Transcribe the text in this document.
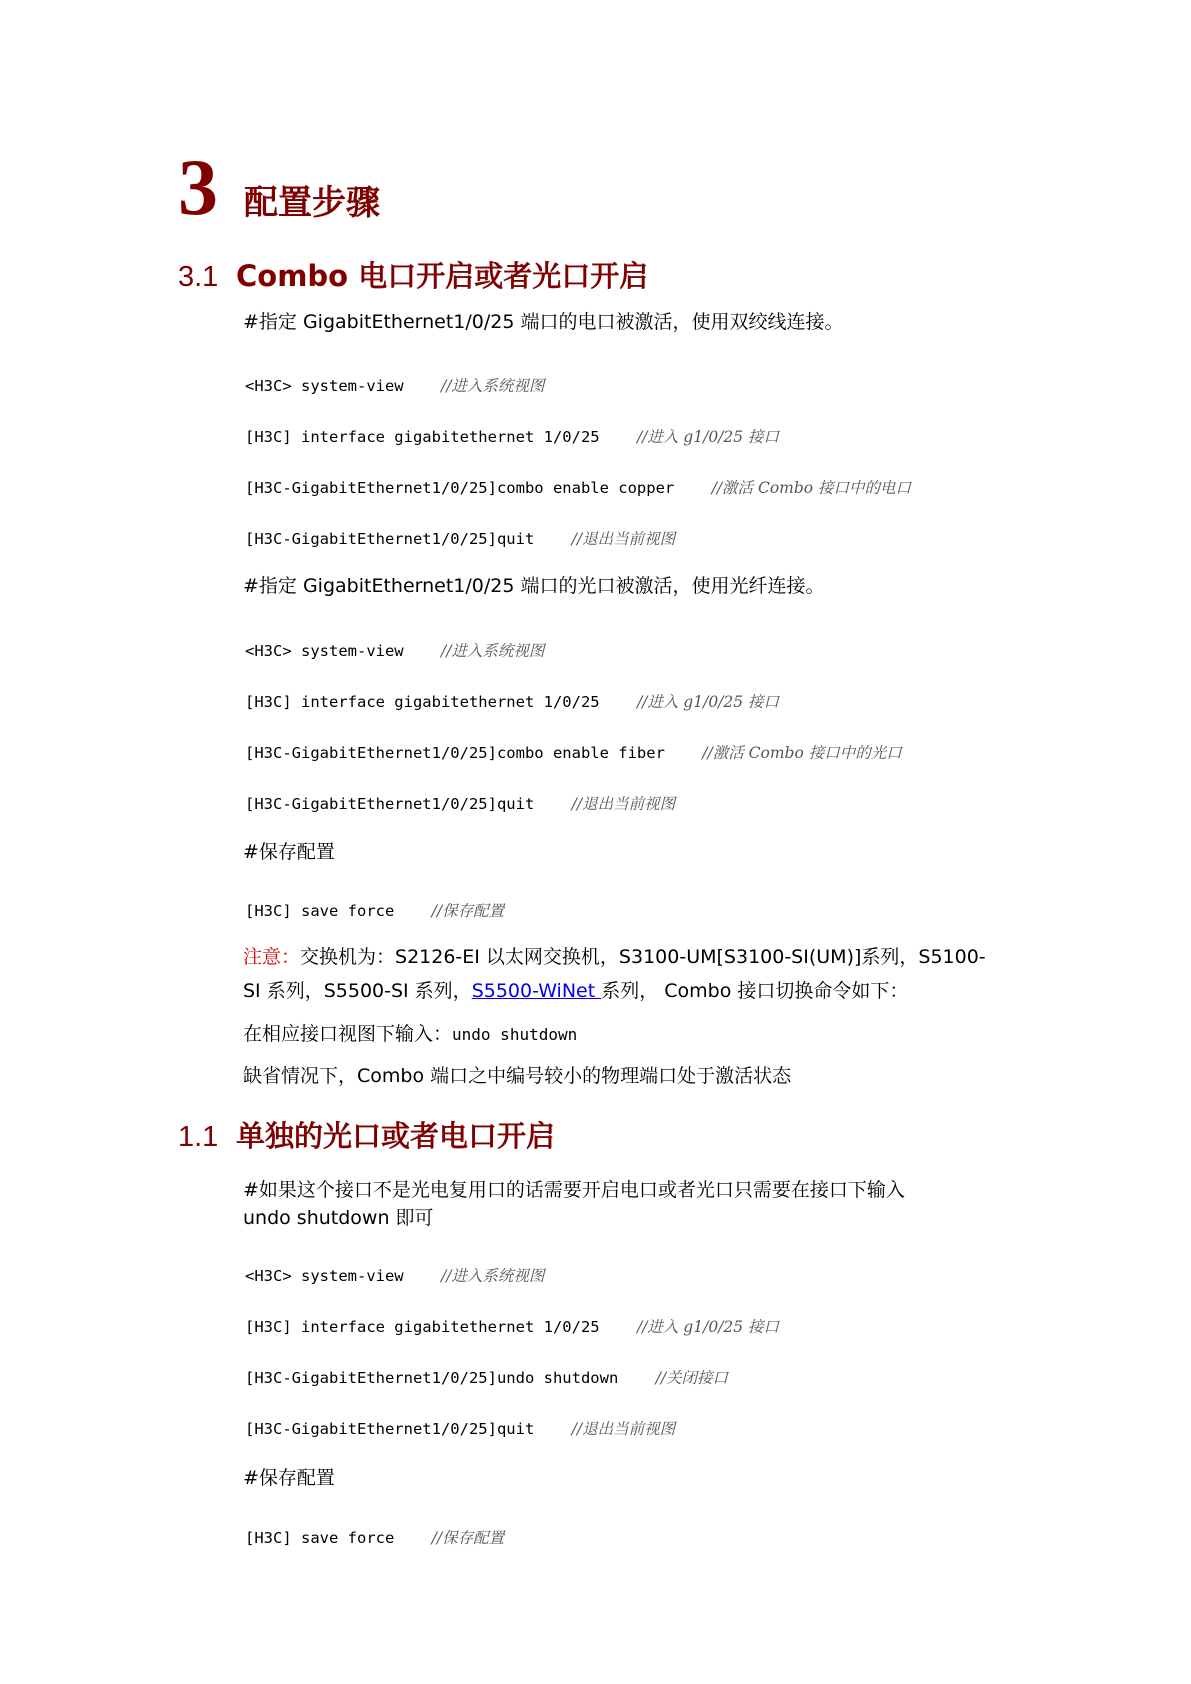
3 配置步骤
3.1 Combo 电口开启或者光口开启
#指定 GigabitEthernet1/0/25 端口的电口被激活，使用双绞线连接。
<H3C> system-view //进入系统视图
[H3C] interface gigabitethernet 1/0/25 //进入 g1/0/25 接口
[H3C-GigabitEthernet1/0/25]combo enable copper //激活 Combo 接口中的电口
[H3C-GigabitEthernet1/0/25]quit //退出当前视图
#指定 GigabitEthernet1/0/25 端口的光口被激活，使用光纤连接。
<H3C> system-view //进入系统视图
[H3C] interface gigabitethernet 1/0/25 //进入 g1/0/25 接口
[H3C-GigabitEthernet1/0/25]combo enable fiber //激活 Combo 接口中的光口
[H3C-GigabitEthernet1/0/25]quit //退出当前视图
#保存配置
[H3C] save force //保存配置
注意：交换机为：S2126-EI 以太网交换机，S3100-UM[S3100-SI(UM)]系列，S5100-
SI 系列，S5500-SI 系列，S5500-WiNet 系列， Combo 接口切换命令如下：
在相应接口视图下输入：undo shutdown
缺省情况下，Combo 端口之中编号较小的物理端口处于激活状态
1.1 单独的光口或者电口开启
#如果这个接口不是光电复用口的话需要开启电口或者光口只需要在接口下输入
undo shutdown 即可
<H3C> system-view //进入系统视图
[H3C] interface gigabitethernet 1/0/25 //进入 g1/0/25 接口
[H3C-GigabitEthernet1/0/25]undo shutdown //关闭接口
[H3C-GigabitEthernet1/0/25]quit //退出当前视图
#保存配置
[H3C] save force //保存配置
